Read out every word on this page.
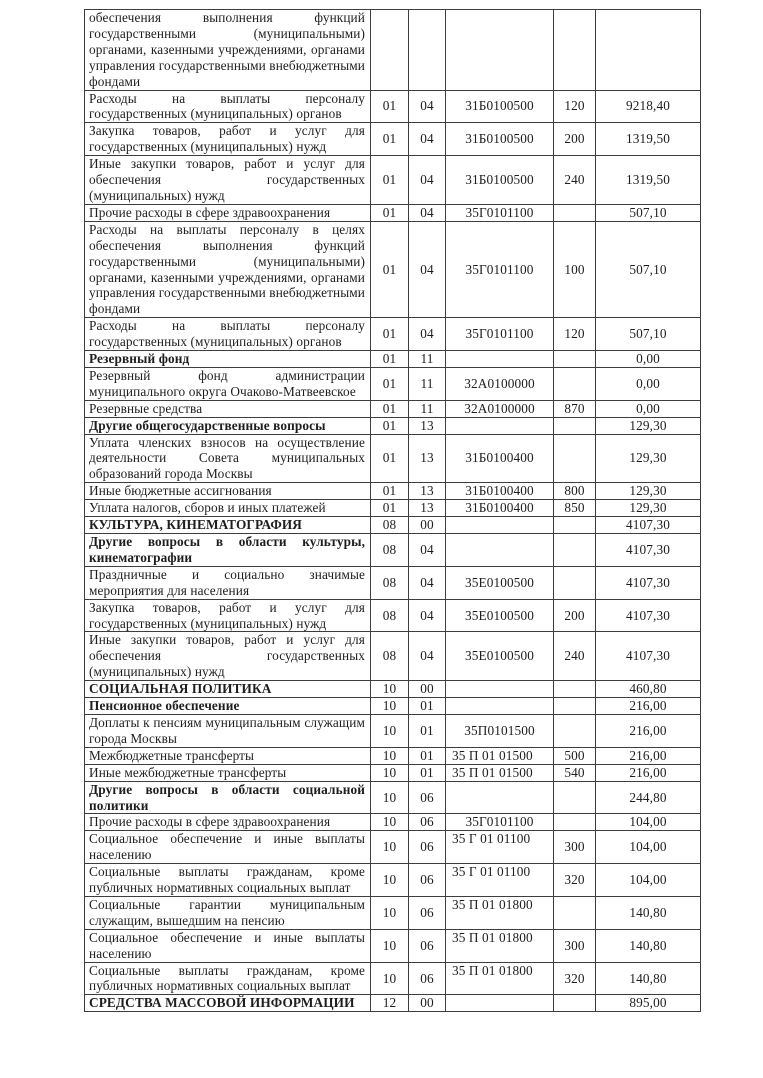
обеспечения выполнения функций государственными (муниципальными) органами, казенными учреждениями, органами управления государственными внебюджетными фондами					
Расходы на выплаты персоналу государственных (муниципальных) органов	01	04	31Б0100500	120	9218,40
Закупка товаров, работ и услуг для государственных (муниципальных) нужд	01	04	31Б0100500	200	1319,50
Иные закупки товаров, работ и услуг для обеспечения государственных (муниципальных) нужд	01	04	31Б0100500	240	1319,50
Прочие расходы в сфере здравоохранения	01	04	35Г0101100		507,10
Расходы на выплаты персоналу в целях обеспечения выполнения функций государственными (муниципальными) органами, казенными учреждениями, органами управления государственными внебюджетными фондами	01	04	35Г0101100	100	507,10
Расходы на выплаты персоналу государственных (муниципальных) органов	01	04	35Г0101100	120	507,10
Резервный фонд	01	11			0,00
Резервный фонд администрации муниципального округа Очаково-Матвеевское	01	11	32А0100000		0,00
Резервные средства	01	11	32А0100000	870	0,00
Другие общегосударственные вопросы	01	13			129,30
Уплата членских взносов на осуществление деятельности Совета муниципальных образований города Москвы	01	13	31Б0100400		129,30
Иные бюджетные ассигнования	01	13	31Б0100400	800	129,30
Уплата налогов, сборов и иных платежей	01	13	31Б0100400	850	129,30
КУЛЬТУРА, КИНЕМАТОГРАФИЯ	08	00			4107,30
Другие вопросы в области культуры, кинематографии	08	04			4107,30
Праздничные и социально значимые мероприятия для населения	08	04	35Е0100500		4107,30
Закупка товаров, работ и услуг для государственных (муниципальных) нужд	08	04	35Е0100500	200	4107,30
Иные закупки товаров, работ и услуг для обеспечения государственных (муниципальных) нужд	08	04	35Е0100500	240	4107,30
СОЦИАЛЬНАЯ ПОЛИТИКА	10	00			460,80
Пенсионное обеспечение	10	01			216,00
Доплаты к пенсиям муниципальным служащим города Москвы	10	01	35П0101500		216,00
Межбюджетные трансферты	10	01	35 П 01 01500	500	216,00
Иные межбюджетные трансферты	10	01	35 П 01 01500	540	216,00
Другие вопросы в области социальной политики	10	06			244,80
Прочие расходы в сфере здравоохранения	10	06	35Г0101100		104,00
Социальное обеспечение и иные выплаты населению	10	06	35 Г 01 01100	300	104,00
Социальные выплаты гражданам, кроме публичных нормативных социальных выплат	10	06	35 Г 01 01100	320	104,00
Социальные гарантии муниципальным служащим, вышедшим на пенсию	10	06	35 П 01 01800		140,80
Социальное обеспечение и иные выплаты населению	10	06	35 П 01 01800	300	140,80
Социальные выплаты гражданам, кроме публичных нормативных социальных выплат	10	06	35 П 01 01800	320	140,80
СРЕДСТВА МАССОВОЙ ИНФОРМАЦИИ	12	00			895,00
